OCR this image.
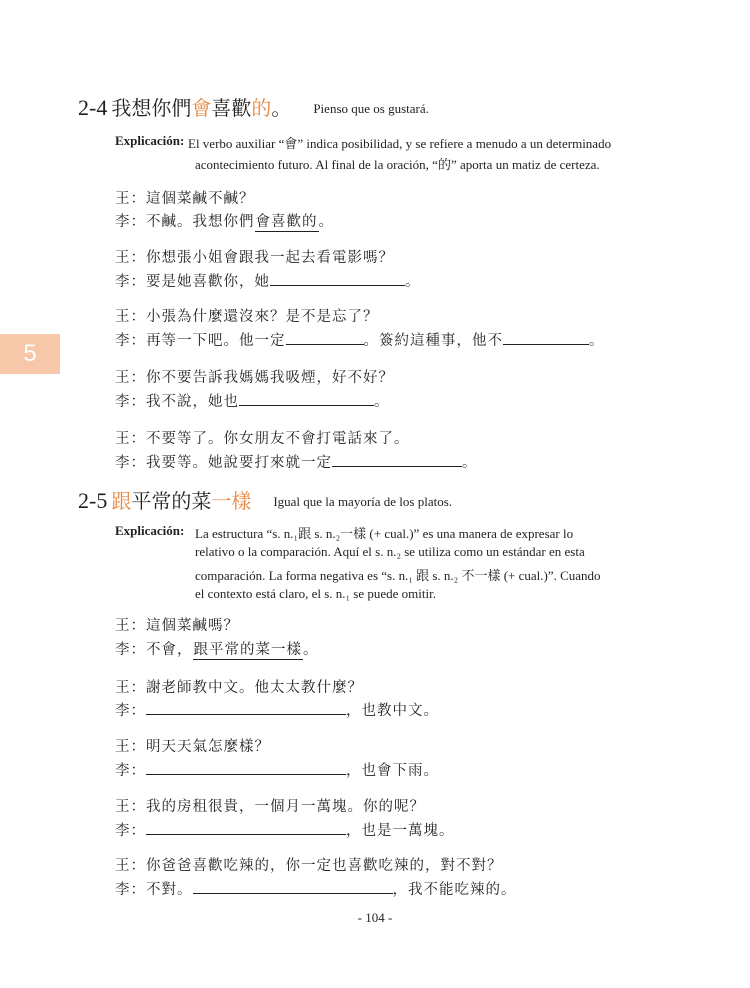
5
2-4 我想你們會喜歡的。 Pienso que os gustará.
Explicación: El verbo auxiliar “會” indica posibilidad, y se refiere a menudo a un determinado
acontecimiento futuro. Al final de la oración, “的” aporta un matiz de certeza.
王：這個菜鹹不鹹？
李：不鹹。我想你們會喜歡的。
王：你想張小姐會跟我一起去看電影嗎？
李：要是她喜歡你，她	。
王：小張為什麼還沒來？是不是忘了？
李：再等一下吧。他一定	。簽約這種事，他不	。
王：你不要告訴我媽媽我吸煙，好不好？
李：我不說，她也	。
王：不要等了。你女朋友不會打電話來了。
李：我要等。她說要打來就一定	。
2-5 跟平常的菜一樣 Igual que la mayoría de los platos.
Explicación: La estructura “s. n.₁跟 s. n.₂一樣 (+ cual.)” es una manera de expresar lo
relativo o la comparación. Aquí el s. n.₂ se utiliza como un estándar en esta
comparación. La forma negativa es “s. n.₁ 跟 s. n.₂ 不一樣 (+ cual.)”. Cuando
el contexto está claro, el s. n.₁ se puede omitir.
王：這個菜鹹嗎？
李：不會，跟平常的菜一樣。
王：謝老師教中文。他太太教什麼？
李：	，也教中文。
王：明天天氣怎麼樣？
李：	，也會下雨。
王：我的房租很貴，一個月一萬塊。你的呢？
李：	，也是一萬塊。
王：你爸爸喜歡吃辣的，你一定也喜歡吃辣的，對不對？
李：不對。	，我不能吃辣的。
- 104 -
